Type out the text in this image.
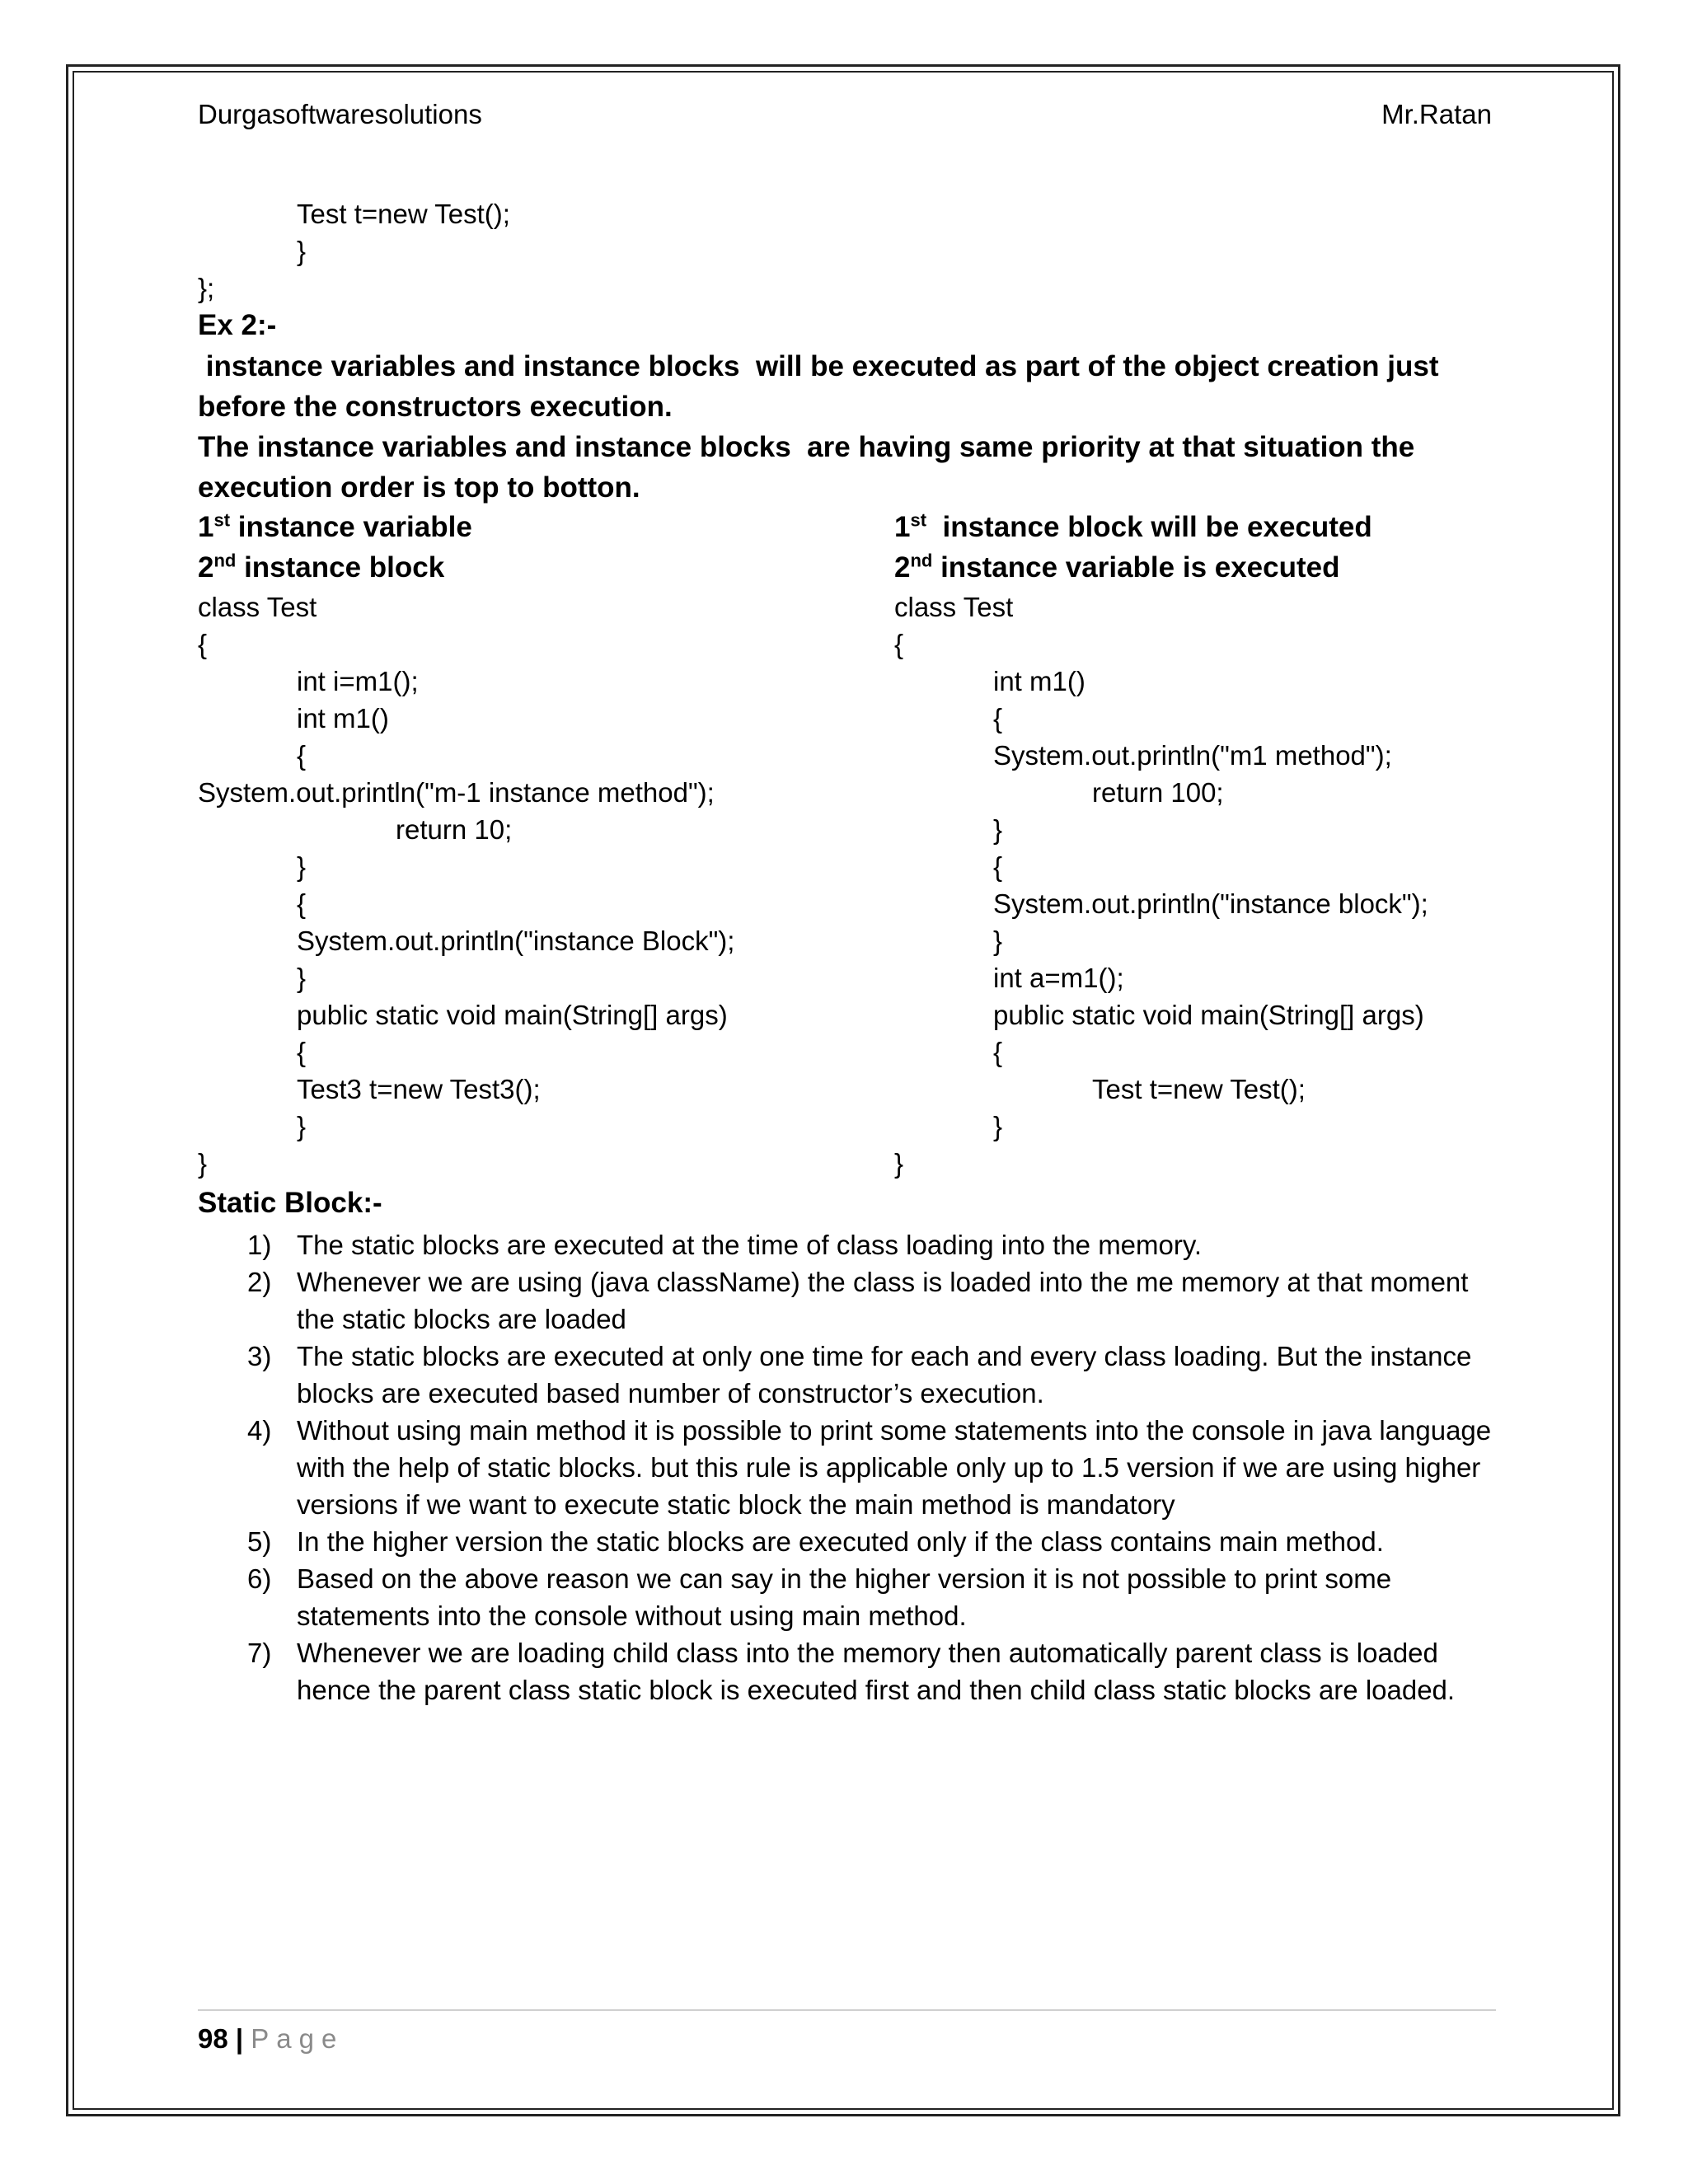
Durgasoftwaresolutions	Mr.Ratan
Test t=new Test();
}
};
Ex 2:-
instance variables and instance blocks  will be executed as part of the object creation just
before the constructors execution.
The instance variables and instance blocks  are having same priority at that situation the
execution order is top to botton.
1st instance variable
2nd instance block
1st  instance block will be executed
2nd instance variable is executed
class Test
{
int i=m1();
int m1()
{
System.out.println("m-1 instance method");
return 10;
}
{
System.out.println("instance Block");
}
public static void main(String[] args)
{
Test3 t=new Test3();
}
}
class Test
{
int m1()
{
System.out.println("m1 method");
return 100;
}
{
System.out.println("instance block");
}
int a=m1();
public static void main(String[] args)
{
Test t=new Test();
}
}
Static Block:-
1) The static blocks are executed at the time of class loading into the memory.
2) Whenever we are using (java className) the class is loaded into the me memory at that moment the static blocks are loaded
3) The static blocks are executed at only one time for each and every class loading. But the instance blocks are executed based number of constructor’s execution.
4) Without using main method it is possible to print some statements into the console in java language with the help of static blocks. but this rule is applicable only up to 1.5 version if we are using higher versions if we want to execute static block the main method is mandatory
5) In the higher version the static blocks are executed only if the class contains main method.
6) Based on the above reason we can say in the higher version it is not possible to print some statements into the console without using main method.
7) Whenever we are loading child class into the memory then automatically parent class is loaded hence the parent class static block is executed first and then child class static blocks are loaded.
98 | Page
